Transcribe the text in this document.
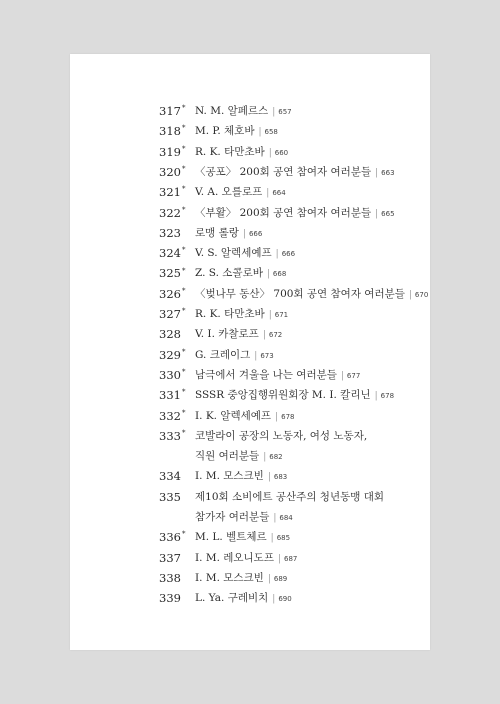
317* N. M. 알페르스 | 657
318* M. P. 체호바 | 658
319* R. K. 타만초바 | 660
320* 〈공포〉 200회 공연 참여자 여러분들 | 663
321* V. A. 오를로프 | 664
322* 〈부활〉 200회 공연 참여자 여러분들 | 665
323	로맹 롤랑 | 666
324* V. S. 알렉세예프 | 666
325* Z. S. 소콜로바 | 668
326* 〈벚나무 동산〉 700회 공연 참여자 여러분들 | 670
327* R. K. 타만초바 | 671
328	V. I. 카찰로프 | 672
329* G. 크레이그 | 673
330* 남극에서 겨울을 나는 여러분들 | 677
331* SSSR 중앙집행위원회장 M. I. 칼리닌 | 678
332* I. K. 알렉세예프 | 678
333* 코발라이 공장의 노동자, 여성 노동자,
직원 여러분들 | 682
334	I. M. 모스크빈 | 683
335	제10회 소비에트 공산주의 청년동맹 대회
참가자 여러분들 | 684
336* M. L. 벨트체르 | 685
337	I. M. 레오니도프 | 687
338	I. M. 모스크빈 | 689
339	L. Ya. 구레비치 | 690
